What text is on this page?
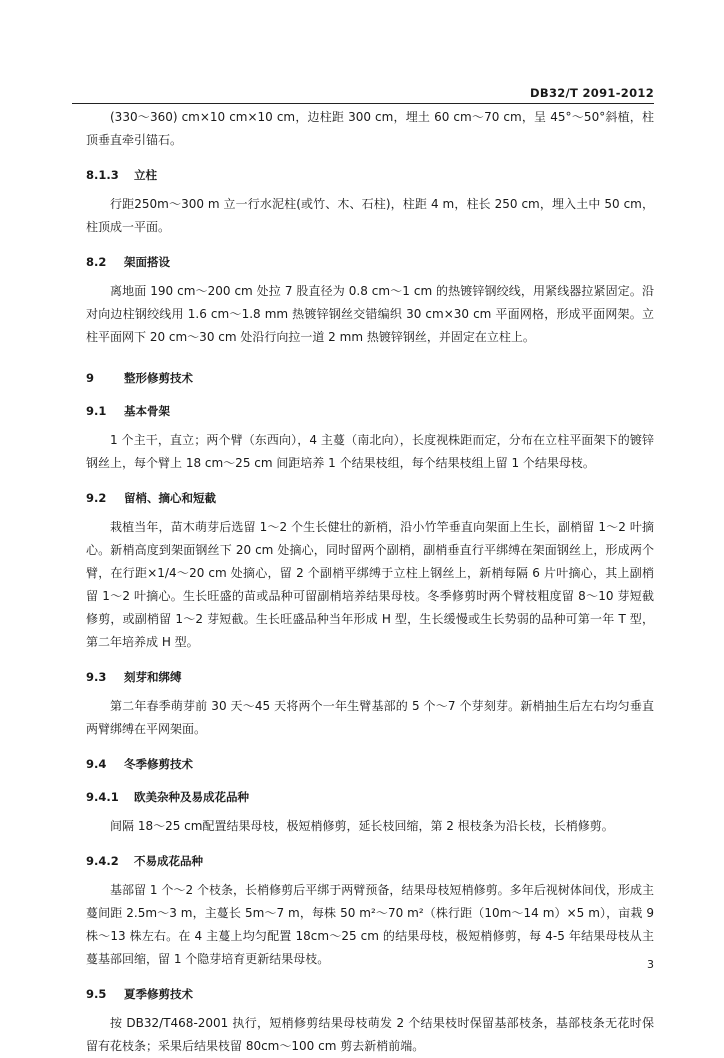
DB32/T 2091-2012

(330～360) cm×10 cm×10 cm，边柱距 300 cm，埋土 60 cm～70 cm，呈 45°～50°斜植，柱顶垂直牵引锚石。

8.1.3 立柱

行距250m～300 m 立一行水泥柱(或竹、木、石柱)，柱距 4 m，柱长 250 cm，埋入土中 50 cm，柱顶成一平面。

8.2 架面搭设

离地面 190 cm～200 cm 处拉 7 股直径为 0.8 cm～1 cm 的热镀锌钢绞线，用紧线器拉紧固定。沿对向边柱钢绞线用 1.6 cm～1.8 mm 热镀锌钢丝交错编织 30 cm×30 cm 平面网格，形成平面网架。立柱平面网下 20 cm～30 cm 处沿行向拉一道 2 mm 热镀锌钢丝，并固定在立柱上。

9	整形修剪技术
9.1 基本骨架

1 个主干，直立；两个臂（东西向），4 主蔓（南北向），长度视株距而定，分布在立柱平面架下的镀锌钢丝上，每个臂上 18 cm～25 cm 间距培养 1 个结果枝组，每个结果枝组上留 1 个结果母枝。

9.2 留梢、摘心和短截

栽植当年，苗木萌芽后选留 1～2 个生长健壮的新梢，沿小竹竿垂直向架面上生长，副梢留 1～2 叶摘心。新梢高度到架面钢丝下 20 cm 处摘心，同时留两个副梢，副梢垂直行平绑缚在架面钢丝上，形成两个臂，在行距×1/4～20 cm 处摘心，留 2 个副梢平绑缚于立柱上钢丝上，新梢每隔 6 片叶摘心，其上副梢留 1～2 叶摘心。生长旺盛的苗或品种可留副梢培养结果母枝。冬季修剪时两个臂枝粗度留 8～10 芽短截修剪，或副梢留 1～2 芽短截。生长旺盛品种当年形成 H 型，生长缓慢或生长势弱的品种可第一年 T 型，第二年培养成 H 型。

9.3 刻芽和绑缚

第二年春季萌芽前 30 天～45 天将两个一年生臂基部的 5 个～7 个芽刻芽。新梢抽生后左右均匀垂直两臂绑缚在平网架面。

9.4 冬季修剪技术
9.4.1 欧美杂种及易成花品种

间隔 18～25 cm配置结果母枝，极短梢修剪，延长枝回缩，第 2 根枝条为沿长枝，长梢修剪。

9.4.2 不易成花品种

基部留 1 个～2 个枝条，长梢修剪后平绑于两臂预备，结果母枝短梢修剪。多年后视树体间伐，形成主蔓间距 2.5m～3 m，主蔓长 5m～7 m，每株 50 m²～70 m²（株行距（10m～14 m）×5 m），亩栽 9 株～13 株左右。在 4 主蔓上均匀配置 18cm～25 cm 的结果母枝，极短梢修剪，每 4-5 年结果母枝从主蔓基部回缩，留 1 个隐芽培育更新结果母枝。

9.5 夏季修剪技术

按 DB32/T468-2001 执行，短梢修剪结果母枝萌发 2 个结果枝时保留基部枝条，基部枝条无花时保留有花枝条；采果后结果枝留 80cm～100 cm 剪去新梢前端。

3
